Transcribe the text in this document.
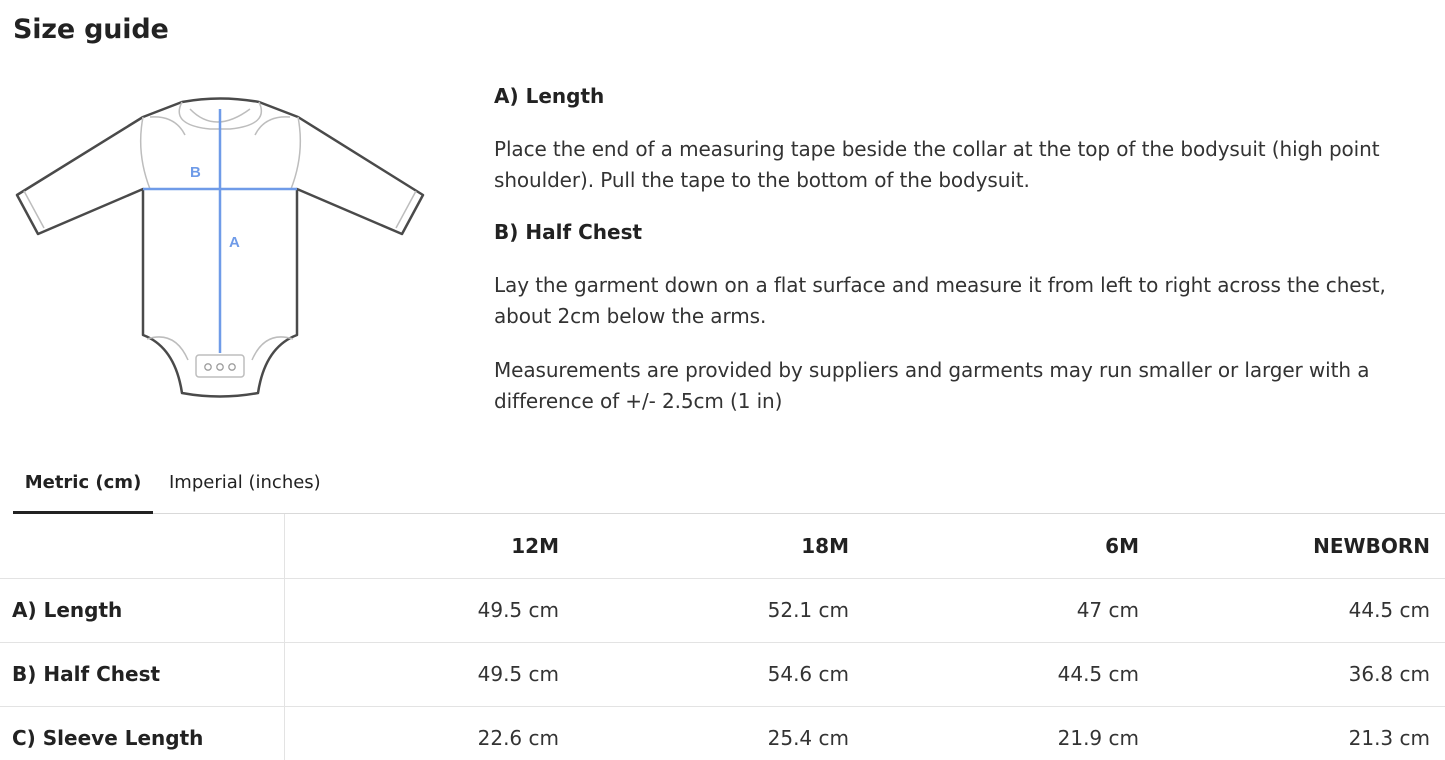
Size guide
B
A
A) Length

Place the end of a measuring tape beside the collar at the top of the bodysuit (high point shoulder). Pull the tape to the bottom of the bodysuit.

B) Half Chest

Lay the garment down on a flat surface and measure it from left to right across the chest, about 2cm below the arms.

Measurements are provided by suppliers and garments may run smaller or larger with a difference of +/- 2.5cm (1 in)

Metric (cm)	Imperial (inches)
	12M	18M	6M	NEWBORN
A) Length	49.5 cm	52.1 cm	47 cm	44.5 cm
B) Half Chest	49.5 cm	54.6 cm	44.5 cm	36.8 cm
C) Sleeve Length	22.6 cm	25.4 cm	21.9 cm	21.3 cm
